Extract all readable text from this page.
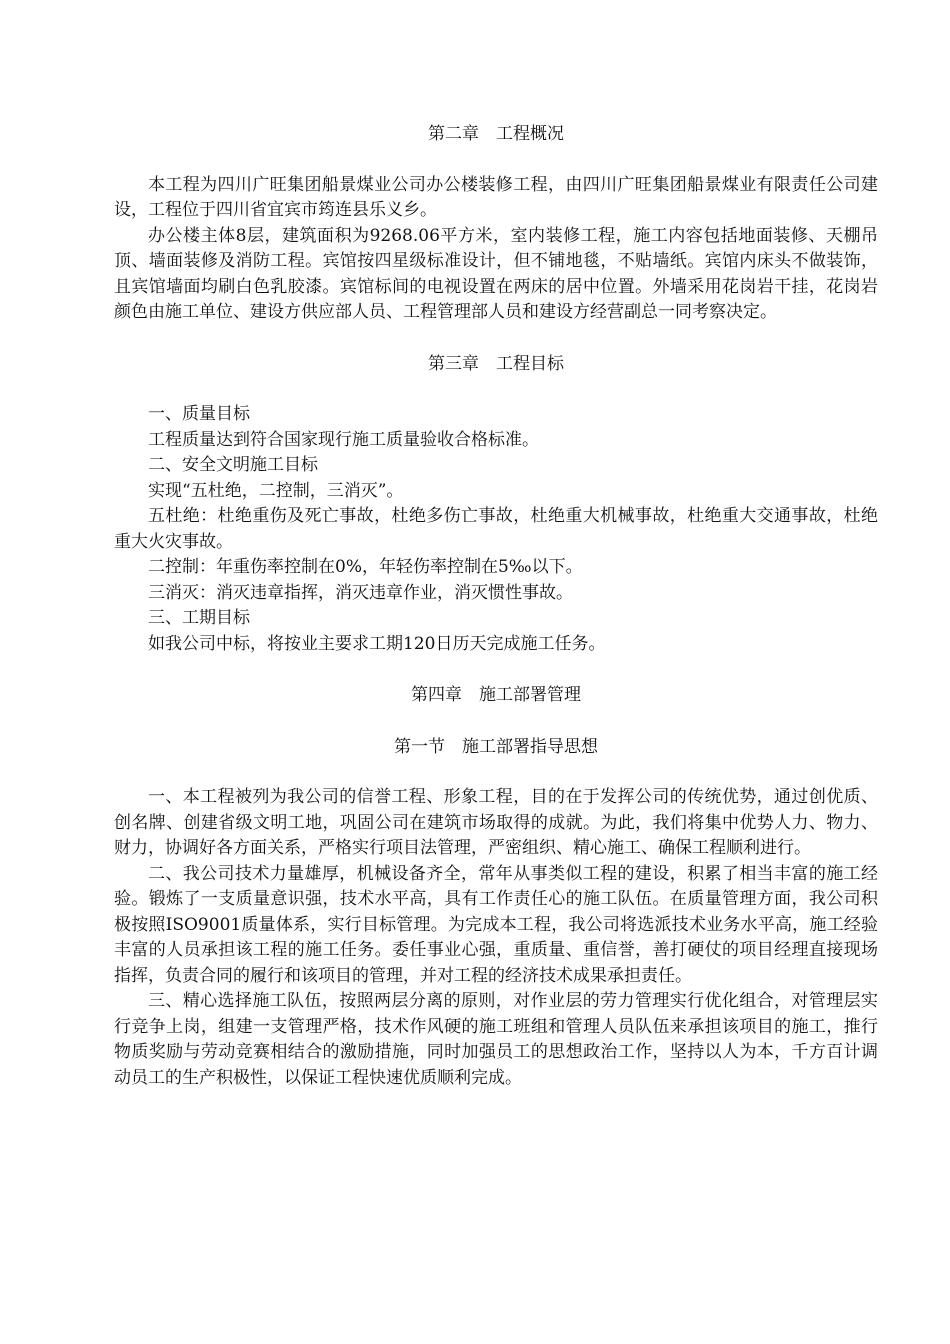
第二章　工程概况

本工程为四川广旺集团船景煤业公司办公楼装修工程，由四川广旺集团船景煤业有限责任公司建设，工程位于四川省宜宾市筠连县乐义乡。

办公楼主体8层，建筑面积为9268.06平方米，室内装修工程，施工内容包括地面装修、天棚吊顶、墙面装修及消防工程。宾馆按四星级标准设计，但不铺地毯，不贴墙纸。宾馆内床头不做装饰，且宾馆墙面均刷白色乳胶漆。宾馆标间的电视设置在两床的居中位置。外墙采用花岗岩干挂，花岗岩颜色由施工单位、建设方供应部人员、工程管理部人员和建设方经营副总一同考察决定。

第三章　工程目标

一、质量目标

工程质量达到符合国家现行施工质量验收合格标准。

二、安全文明施工目标

实现“五杜绝，二控制，三消灭”。

五杜绝：杜绝重伤及死亡事故，杜绝多伤亡事故，杜绝重大机械事故，杜绝重大交通事故，杜绝重大火灾事故。

二控制：年重伤率控制在0%，年轻伤率控制在5‰以下。

三消灭：消灭违章指挥，消灭违章作业，消灭惯性事故。

三、工期目标

如我公司中标，将按业主要求工期120日历天完成施工任务。

第四章　施工部署管理

第一节　施工部署指导思想

一、本工程被列为我公司的信誉工程、形象工程，目的在于发挥公司的传统优势，通过创优质、创名牌、创建省级文明工地，巩固公司在建筑市场取得的成就。为此，我们将集中优势人力、物力、财力，协调好各方面关系，严格实行项目法管理，严密组织、精心施工、确保工程顺利进行。

二、我公司技术力量雄厚，机械设备齐全，常年从事类似工程的建设，积累了相当丰富的施工经验。锻炼了一支质量意识强，技术水平高，具有工作责任心的施工队伍。在质量管理方面，我公司积极按照ISO9001质量体系，实行目标管理。为完成本工程，我公司将选派技术业务水平高，施工经验丰富的人员承担该工程的施工任务。委任事业心强，重质量、重信誉，善打硬仗的项目经理直接现场指挥，负责合同的履行和该项目的管理，并对工程的经济技术成果承担责任。

三、精心选择施工队伍，按照两层分离的原则，对作业层的劳力管理实行优化组合，对管理层实行竞争上岗，组建一支管理严格，技术作风硬的施工班组和管理人员队伍来承担该项目的施工，推行物质奖励与劳动竞赛相结合的激励措施，同时加强员工的思想政治工作，坚持以人为本，千方百计调动员工的生产积极性，以保证工程快速优质顺利完成。
